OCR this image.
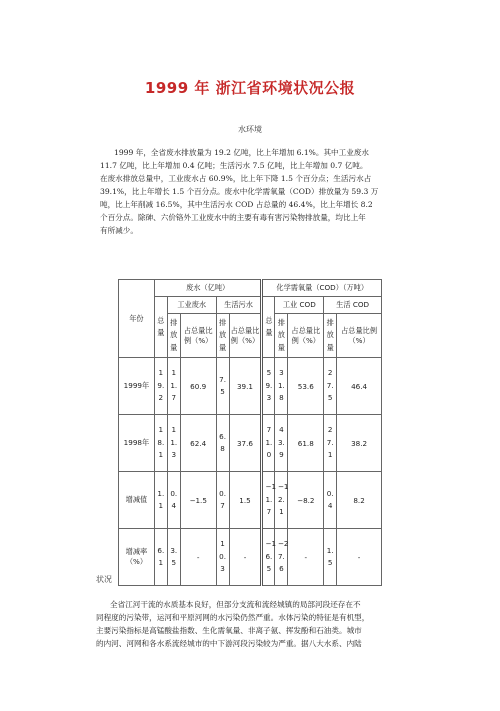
1999 年 浙江省环境状况公报
水环境
1999 年，全省废水排放量为 19.2 亿吨，比上年增加 6.1%。其中工业废水
11.7 亿吨，比上年增加 0.4 亿吨；生活污水 7.5 亿吨，比上年增加 0.7 亿吨。
在废水排放总量中，工业废水占 60.9%，比上年下降 1.5 个百分点；生活污水占
39.1%，比上年增长 1.5 个百分点。废水中化学需氧量（COD）排放量为 59.3 万
吨，比上年削减 16.5%，其中生活污水 COD 占总量的 46.4%，比上年增长 8.2
个百分点。除砷、六价铬外工业废水中的主要有毒有害污染物排放量，均比上年
有所减少。
年份	废水（亿吨）					化学需氧量（COD）（万吨）				

	总量	工业废水		生活污水		总量	工业 COD		生活 COD	

		排放量	占总量比例（%）	排放量	占总量比例（%）		排放量	占总量比例（%）	排放量	占总量比例（%）
1999年	19.2	11.7	60.9	7.5	39.1	59.3	31.8	53.6	27.5	46.4
1998年	18.1	11.3	62.4	6.8	37.6	71.0	43.9	61.8	27.1	38.2
增减值	1.1	0.4	−1.5	0.7	1.5	−11.7	−12.1	−8.2	0.4	8.2
增减率（%）	6.1	3.5	-	10.3	-	−16.5	−27.6	-	1.5	-
状况
全省江河干流的水质基本良好，但部分支流和流经城镇的局部河段还存在不
同程度的污染带，运河和平原河网的水污染仍然严重。水体污染的特征是有机型，
主要污染指标是高锰酸盐指数、生化需氧量、非离子氨、挥发酚和石油类。城市
的内河、河网和各水系流经城市的中下游河段污染较为严重。据八大水系、内陆
